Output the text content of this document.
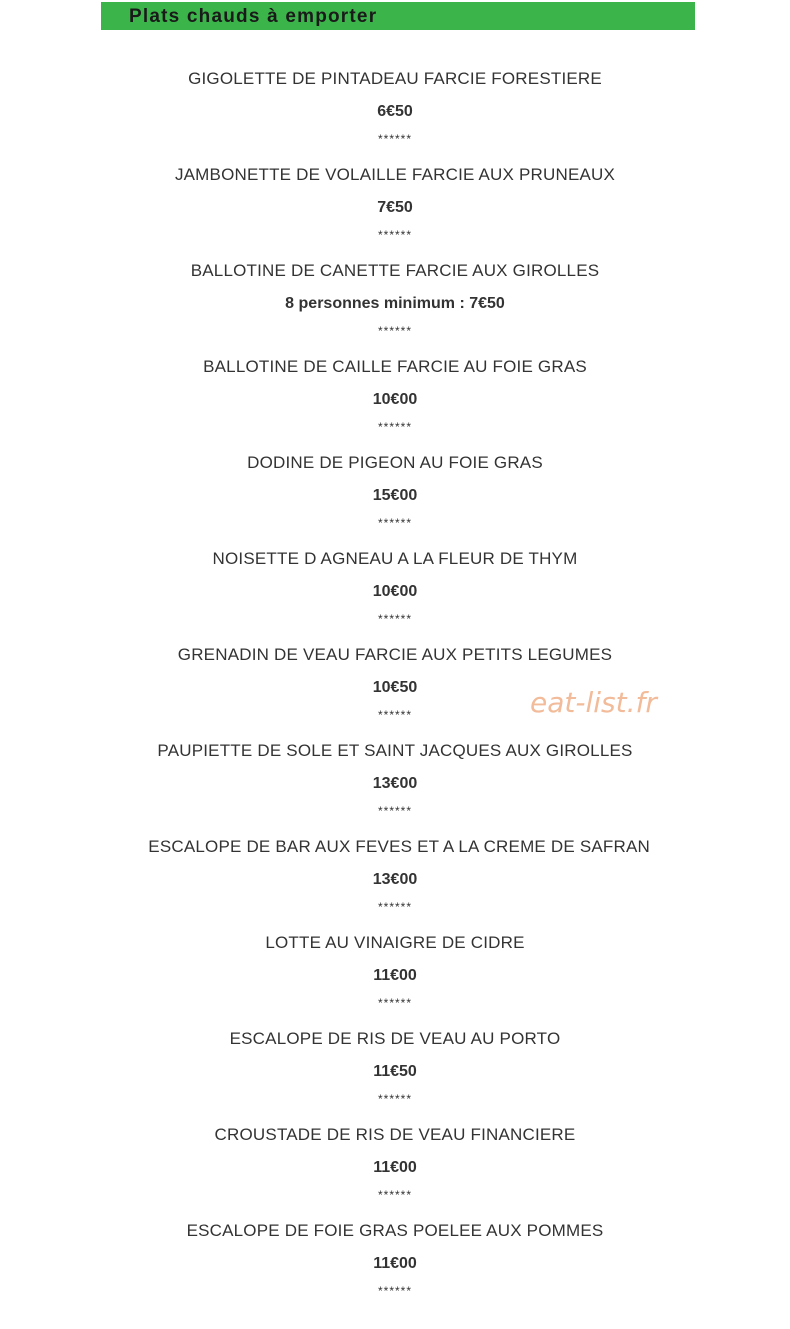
Plats chauds à emporter
GIGOLETTE DE PINTADEAU FARCIE FORESTIERE
6€50
******
JAMBONETTE DE VOLAILLE FARCIE AUX PRUNEAUX
7€50
******
BALLOTINE DE CANETTE FARCIE AUX GIROLLES
8 personnes minimum : 7€50
******
BALLOTINE DE CAILLE FARCIE AU FOIE GRAS
10€00
******
DODINE DE PIGEON AU FOIE GRAS
15€00
******
NOISETTE D AGNEAU A LA FLEUR DE THYM
10€00
******
GRENADIN DE VEAU FARCIE AUX PETITS LEGUMES
10€50
******
PAUPIETTE DE SOLE ET SAINT JACQUES AUX GIROLLES
13€00
******
ESCALOPE DE BAR AUX FEVES ET A LA CREME DE SAFRAN
13€00
******
LOTTE AU VINAIGRE DE CIDRE
11€00
******
ESCALOPE DE RIS DE VEAU AU PORTO
11€50
******
CROUSTADE DE RIS DE VEAU FINANCIERE
11€00
******
ESCALOPE DE FOIE GRAS POELEE AUX POMMES
11€00
******
eat-list.fr
